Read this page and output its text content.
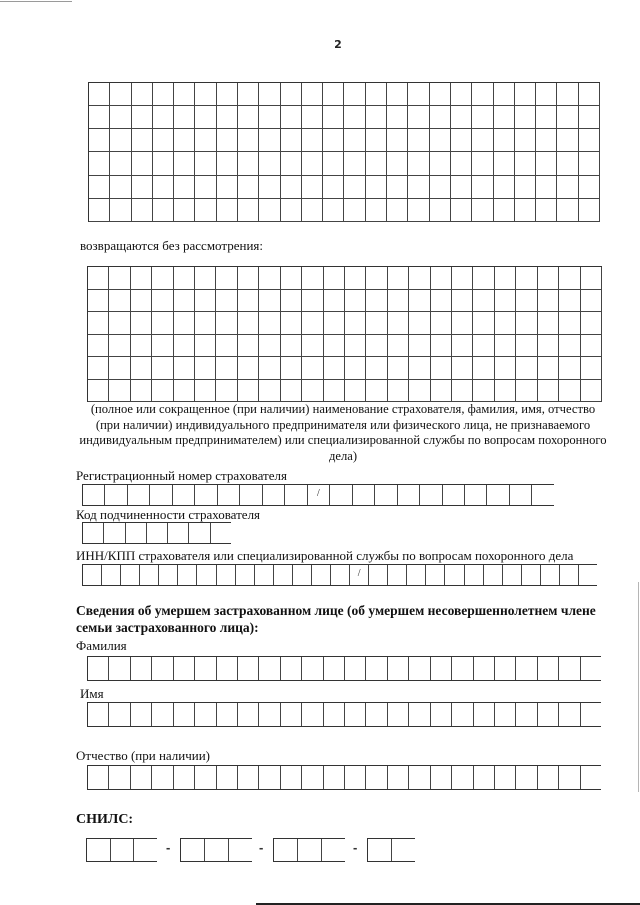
2
возвращаются без рассмотрения:
(полное или сокращенное (при наличии) наименование страхователя, фамилия, имя, отчество (при наличии) индивидуального предпринимателя или физического лица, не признаваемого индивидуальным предпринимателем) или специализированной службы по вопросам похоронного дела)
Регистрационный номер страхователя
/
Код подчиненности страхователя
ИНН/КПП страхователя или специализированной службы по вопросам похоронного дела
/
Сведения об умершем застрахованном лице (об умершем несовершеннолетнем члене
семьи застрахованного лица):
Фамилия
Имя
Отчество (при наличии)
СНИЛС:
-	-	-
